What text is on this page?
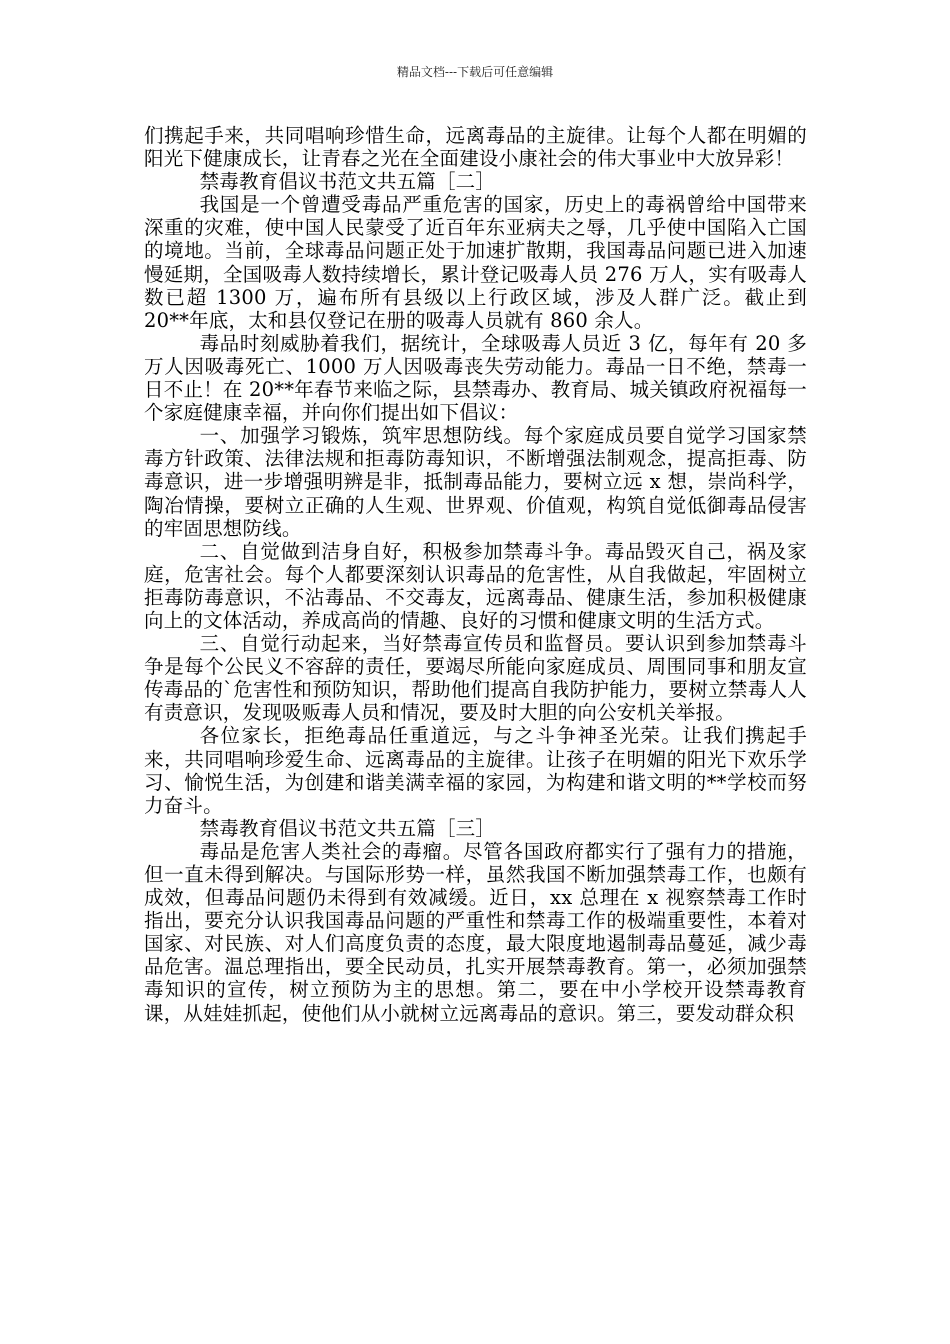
精品文档---下载后可任意编辑

们携起手来，共同唱响珍惜生命，远离毒品的主旋律。让每个人都在明媚的阳光下健康成长，让青春之光在全面建设小康社会的伟大事业中大放异彩！

禁毒教育倡议书范文共五篇［二］

我国是一个曾遭受毒品严重危害的国家，历史上的毒祸曾给中国带来深重的灾难，使中国人民蒙受了近百年东亚病夫之辱，几乎使中国陷入亡国的境地。当前，全球毒品问题正处于加速扩散期，我国毒品问题已进入加速慢延期，全国吸毒人数持续增长，累计登记吸毒人员 276 万人，实有吸毒人数已超 1300 万，遍布所有县级以上行政区域，涉及人群广泛。截止到 20**年底，太和县仅登记在册的吸毒人员就有 860 余人。

毒品时刻威胁着我们，据统计，全球吸毒人员近 3 亿，每年有 20 多万人因吸毒死亡、1000 万人因吸毒丧失劳动能力。毒品一日不绝，禁毒一日不止！在 20**年春节来临之际，县禁毒办、教育局、城关镇政府祝福每一个家庭健康幸福，并向你们提出如下倡议：

一、加强学习锻炼，筑牢思想防线。每个家庭成员要自觉学习国家禁毒方针政策、法律法规和拒毒防毒知识，不断增强法制观念，提高拒毒、防毒意识，进一步增强明辨是非，抵制毒品能力，要树立远 x 想，崇尚科学，陶冶情操，要树立正确的人生观、世界观、价值观，构筑自觉低御毒品侵害的牢固思想防线。

二、自觉做到洁身自好，积极参加禁毒斗争。毒品毁灭自己，祸及家庭，危害社会。每个人都要深刻认识毒品的危害性，从自我做起，牢固树立拒毒防毒意识，不沾毒品、不交毒友，远离毒品、健康生活，参加积极健康向上的文体活动，养成高尚的情趣、良好的习惯和健康文明的生活方式。

三、自觉行动起来，当好禁毒宣传员和监督员。要认识到参加禁毒斗争是每个公民义不容辞的责任，要竭尽所能向家庭成员、周围同事和朋友宣传毒品的`危害性和预防知识，帮助他们提高自我防护能力，要树立禁毒人人有责意识，发现吸贩毒人员和情况，要及时大胆的向公安机关举报。

各位家长，拒绝毒品任重道远，与之斗争神圣光荣。让我们携起手来，共同唱响珍爱生命、远离毒品的主旋律。让孩子在明媚的阳光下欢乐学习、愉悦生活，为创建和谐美满幸福的家园，为构建和谐文明的**学校而努力奋斗。

禁毒教育倡议书范文共五篇［三］

毒品是危害人类社会的毒瘤。尽管各国政府都实行了强有力的措施，但一直未得到解决。与国际形势一样，虽然我国不断加强禁毒工作，也颇有成效，但毒品问题仍未得到有效减缓。近日，xx 总理在 x 视察禁毒工作时指出，要充分认识我国毒品问题的严重性和禁毒工作的极端重要性，本着对国家、对民族、对人们高度负责的态度，最大限度地遏制毒品蔓延，减少毒品危害。温总理指出，要全民动员，扎实开展禁毒教育。第一，必须加强禁毒知识的宣传，树立预防为主的思想。第二，要在中小学校开设禁毒教育课，从娃娃抓起，使他们从小就树立远离毒品的意识。第三，要发动群众积
